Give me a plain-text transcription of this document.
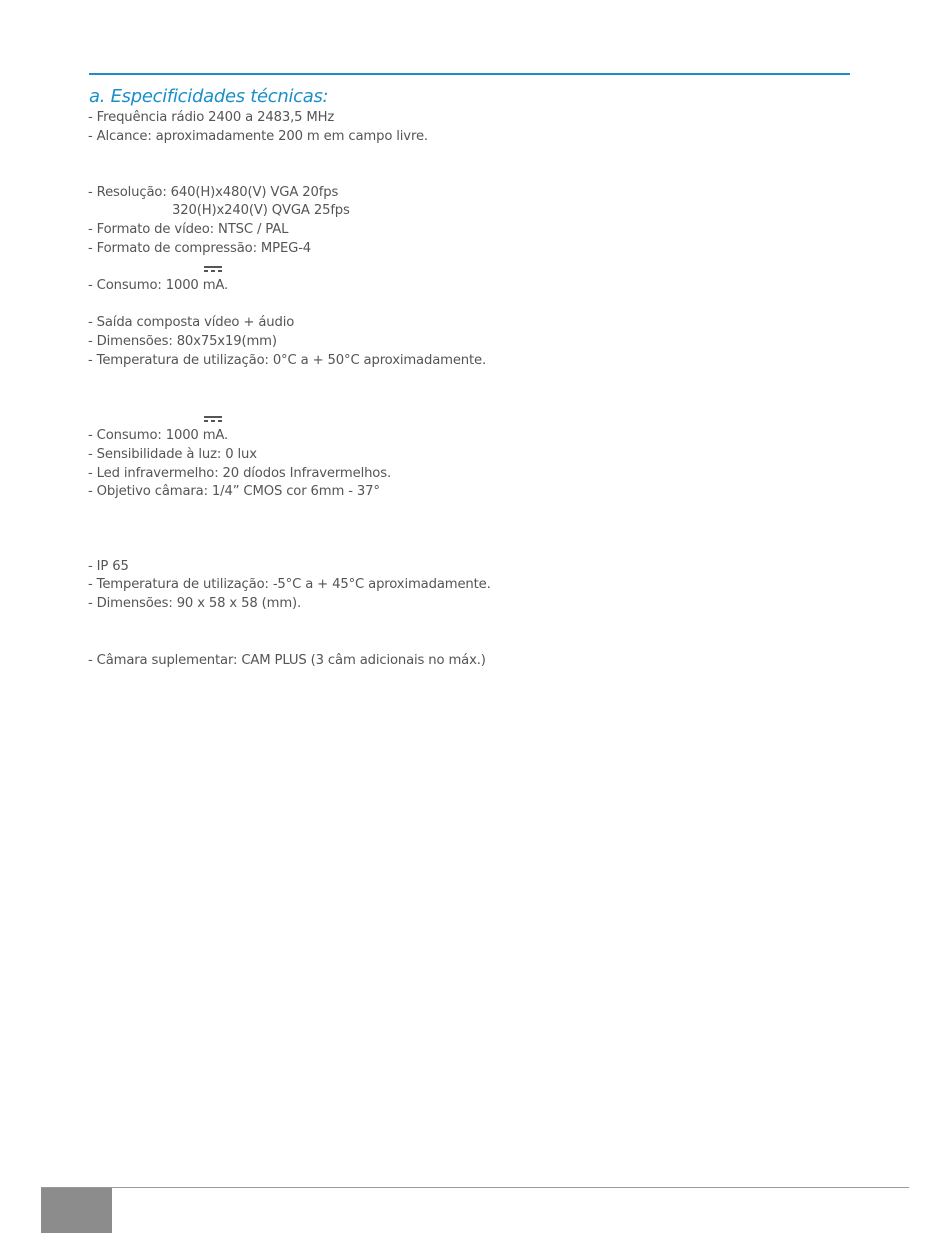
a. Especificidades técnicas:
- Frequência rádio 2400 a 2483,5 MHz
- Alcance: aproximadamente 200 m em campo livre.
- Resolução: 640(H)x480(V) VGA 20fps
320(H)x240(V) QVGA 25fps
- Formato de vídeo: NTSC / PAL
- Formato de compressão: MPEG-4
- Consumo: 1000 mA.
- Saída composta vídeo + áudio
- Dimensões: 80x75x19(mm)
- Temperatura de utilização: 0°C a + 50°C aproximadamente.
- Consumo: 1000 mA.
- Sensibilidade à luz: 0 lux
- Led infravermelho: 20 díodos Infravermelhos.
- Objetivo câmara: 1/4” CMOS cor 6mm - 37°
- IP 65
- Temperatura de utilização: -5°C a + 45°C aproximadamente.
- Dimensões: 90 x 58 x 58 (mm).
- Câmara suplementar: CAM PLUS (3 câm adicionais no máx.)
